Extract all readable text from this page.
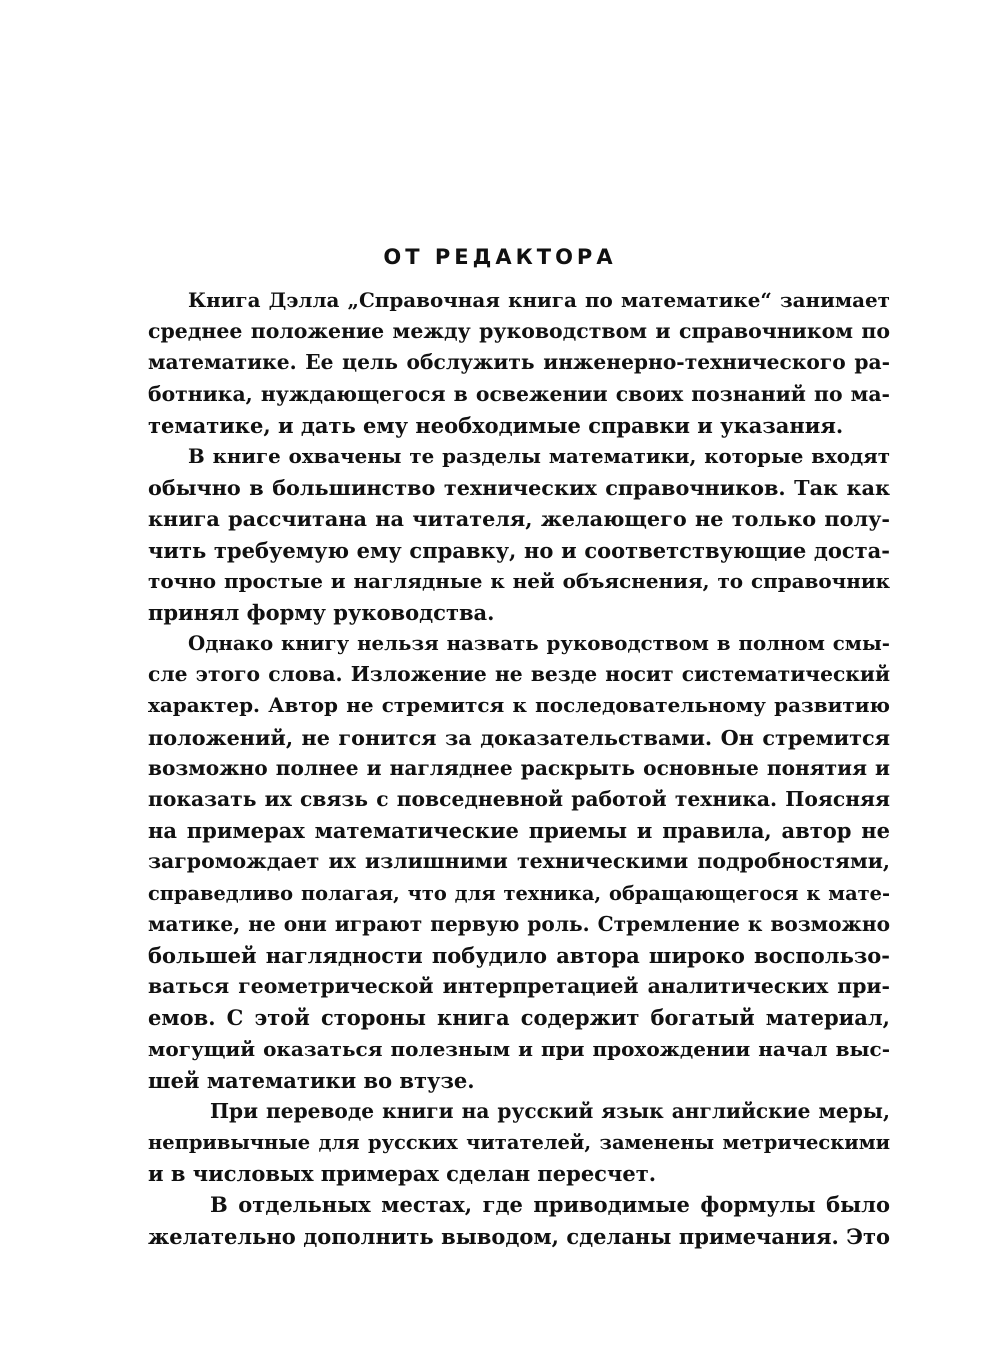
ОТ РЕДАКТОРА
Книга Дэлла „Справочная книга по математике“ занимает
среднее положение между руководством и справочником по
математике. Ее цель обслужить инженерно-технического ра-
ботника, нуждающегося в освежении своих познаний по ма-
тематике, и дать ему необходимые справки и указания.
В книге охвачены те разделы математики, которые входят
обычно в большинство технических справочников. Так как
книга рассчитана на читателя, желающего не только полу-
чить требуемую ему справку, но и соответствующие доста-
точно простые и наглядные к ней объяснения, то справочник
принял форму руководства.
Однако книгу нельзя назвать руководством в полном смы-
сле этого слова. Изложение не везде носит систематический
характер. Автор не стремится к последовательному развитию
положений, не гонится за доказательствами. Он стремится
возможно полнее и нагляднее раскрыть основные понятия и
показать их связь с повседневной работой техника. Поясняя
на примерах математические приемы и правила, автор не
загромождает их излишними техническими подробностями,
справедливо полагая, что для техника, обращающегося к мате-
матике, не они играют первую роль. Стремление к возможно
большей наглядности побудило автора широко воспользо-
ваться геометрической интерпретацией аналитических при-
емов. С этой стороны книга содержит богатый материал,
могущий оказаться полезным и при прохождении начал выс-
шей математики во втузе.
При переводе книги на русский язык английские меры,
непривычные для русских читателей, заменены метрическими
и в числовых примерах сделан пересчет.
В отдельных местах, где приводимые формулы было
желательно дополнить выводом, сделаны примечания. Это
